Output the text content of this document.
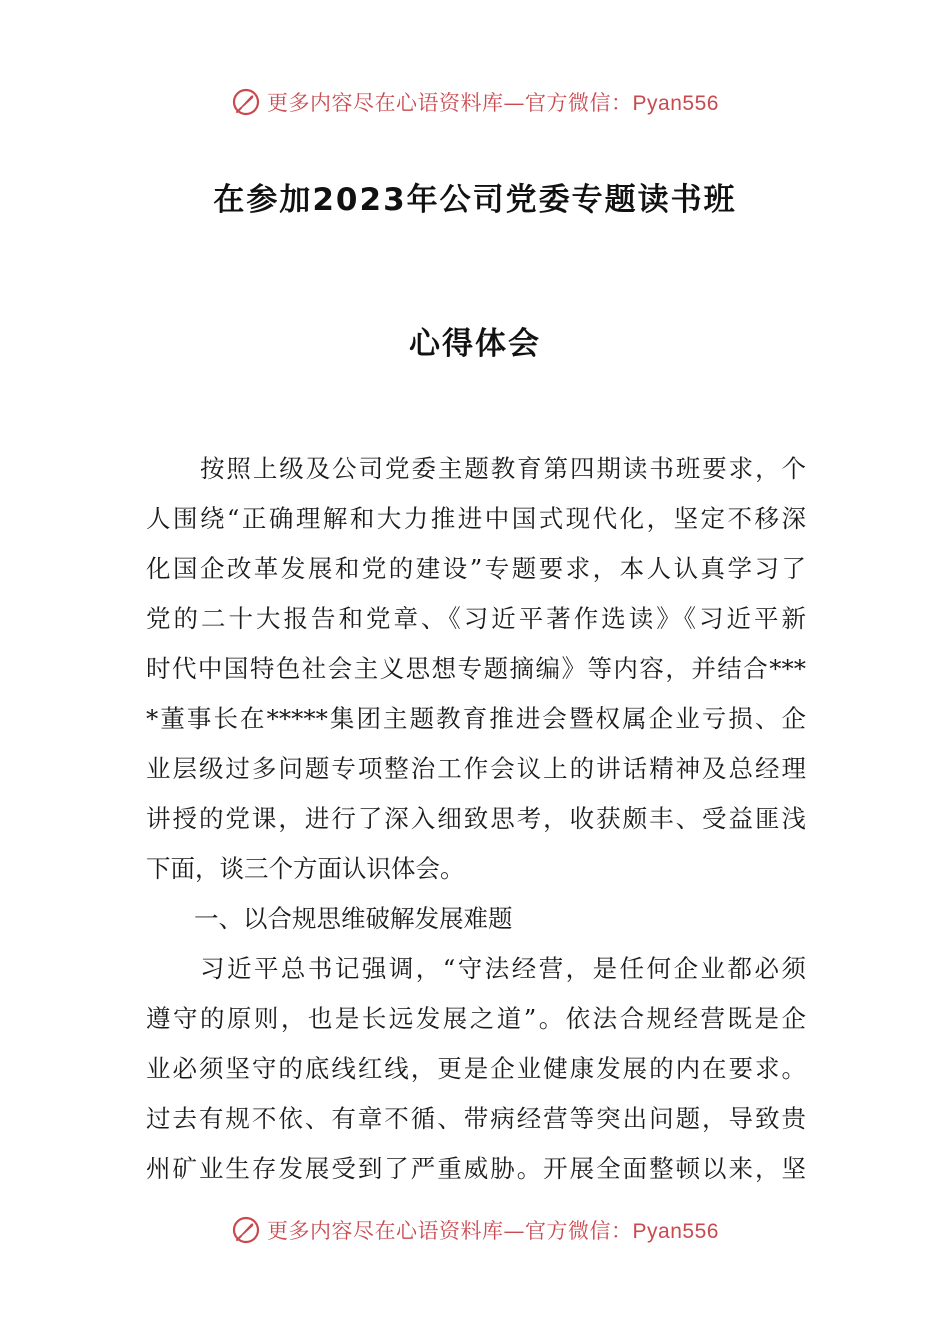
更多内容尽在心语资料库—官方微信：Pyan556
在参加2023年公司党委专题读书班
心得体会
按照上级及公司党委主题教育第四期读书班要求，个
人围绕“正确理解和大力推进中国式现代化，坚定不移深
化国企改革发展和党的建设”专题要求，本人认真学习了
党的二十大报告和党章、《习近平著作选读》《习近平新
时代中国特色社会主义思想专题摘编》等内容，并结合***
*董事长在*****集团主题教育推进会暨权属企业亏损、企
业层级过多问题专项整治工作会议上的讲话精神及总经理
讲授的党课，进行了深入细致思考，收获颇丰、受益匪浅
下面，谈三个方面认识体会。
一、以合规思维破解发展难题
习近平总书记强调，“守法经营，是任何企业都必须
遵守的原则，也是长远发展之道”。依法合规经营既是企
业必须坚守的底线红线，更是企业健康发展的内在要求。
过去有规不依、有章不循、带病经营等突出问题，导致贵
州矿业生存发展受到了严重威胁。开展全面整顿以来，坚
更多内容尽在心语资料库—官方微信：Pyan556
